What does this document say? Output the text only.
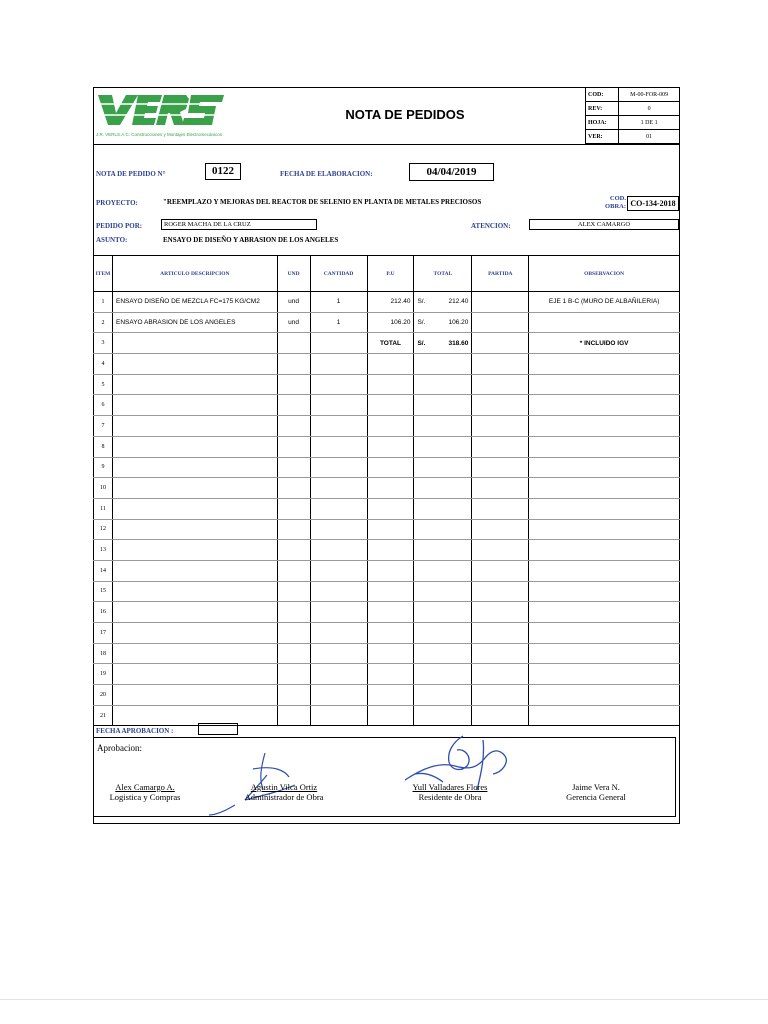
J.R. VERLS.A.C. Construcciones y Montajes Electromecánicos
NOTA DE PEDIDOS
COD:	M-00-FOR-009
REV:	0
HOJA:	1 DE 1
VER:	01
NOTA DE PEDIDO N°	0122	FECHA DE ELABORACION:	04/04/2019
PROYECTO:	"REEMPLAZO Y MEJORAS DEL REACTOR DE SELENIO EN PLANTA DE METALES PRECIOSOS	COD.
OBRA: CO-134-2018
PEDIDO POR:	ROGER MACHA DE LA CRUZ	ATENCION:	ALEX CAMARGO
ASUNTO:	ENSAYO DE DISEÑO Y ABRASION DE LOS ANGELES
ITEM	ARTICULO DESCRIPCION	UND	CANTIDAD	P.U	TOTAL	PARTIDA	OBSERVACION
1	ENSAYO DISEÑO DE MEZCLA FC=175 KG/CM2	und	1	212.40	S/. 212.40		EJE 1 B-C (MURO DE ALBAÑILERIA)
2	ENSAYO ABRASION DE LOS ANGELES	und	1	106.20	S/. 106.20		

3				TOTAL	S/. 318.60		* INCLUIDO IGV
4					

5					

6					

7					

8					

9					

10					

11					

12					

13					

14					

15					

16					

17					

18					

19					

20					

21					

FECHA APROBACION :
Aprobacion:
Alex Camargo A.
Logistica y Compras
Agustin Vilca Ortiz
Administrador de Obra
Yull Valladares Flores
Residente de Obra
Jaime Vera N.
Gerencia General
